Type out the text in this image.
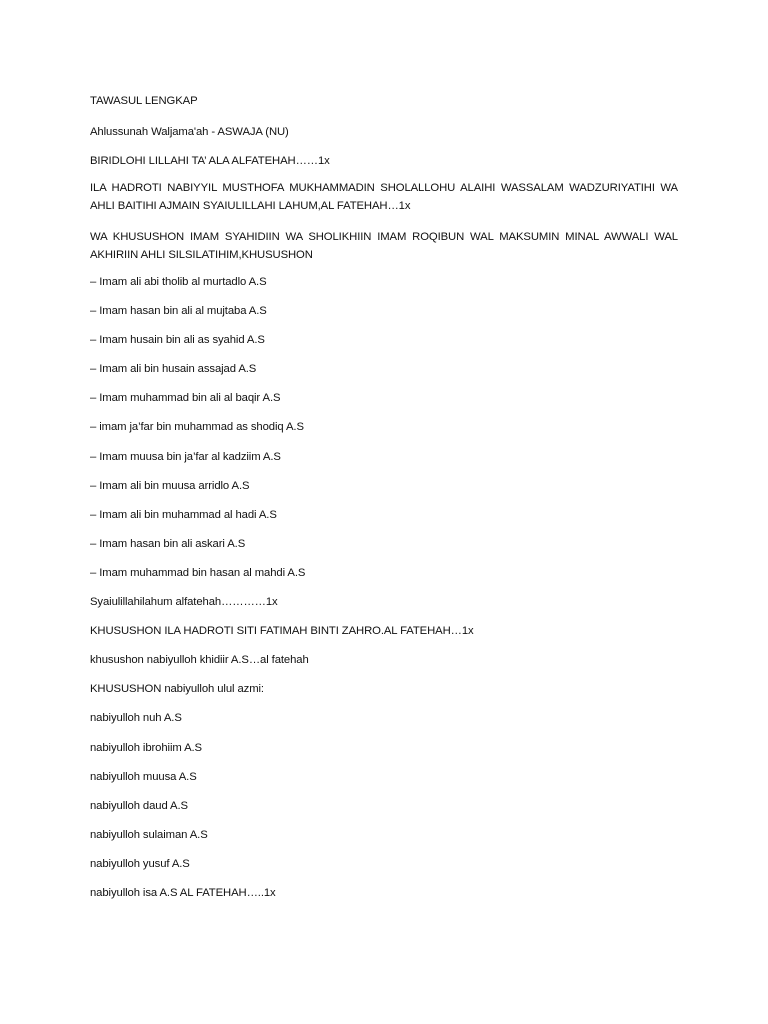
TAWASUL LENGKAP

Ahlussunah Waljama'ah - ASWAJA (NU)

BIRIDLOHI LILLAHI TA’ ALA ALFATEHAH……1x

ILA HADROTI NABIYYIL MUSTHOFA MUKHAMMADIN SHOLALLOHU ALAIHI WASSALAM WADZURIYATIHI WA AHLI BAITIHI AJMAIN SYAIULILLAHI LAHUM,AL FATEHAH…1x

WA KHUSUSHON IMAM SYAHIDIIN WA SHOLIKHIIN IMAM ROQIBUN WAL MAKSUMIN MINAL AWWALI WAL AKHIRIIN AHLI SILSILATIHIM,KHUSUSHON

– Imam ali abi tholib al murtadlo A.S

– Imam hasan bin ali al mujtaba A.S

– Imam husain bin ali as syahid A.S

– Imam ali bin husain assajad A.S

– Imam muhammad bin ali al baqir A.S

– imam ja’far bin muhammad as shodiq A.S

– Imam muusa bin ja’far al kadziim A.S

– Imam ali bin muusa arridlo A.S

– Imam ali bin muhammad al hadi A.S

– Imam hasan bin ali askari A.S

– Imam muhammad bin hasan al mahdi A.S

Syaiulillahilahum alfatehah…………1x

KHUSUSHON ILA HADROTI SITI FATIMAH BINTI ZAHRO.AL FATEHAH…1x

khusushon nabiyulloh khidiir A.S…al fatehah

KHUSUSHON nabiyulloh ulul azmi:

nabiyulloh nuh A.S

nabiyulloh ibrohiim A.S

nabiyulloh muusa A.S

nabiyulloh daud A.S

nabiyulloh sulaiman A.S

nabiyulloh yusuf A.S

nabiyulloh isa A.S AL FATEHAH…..1x
